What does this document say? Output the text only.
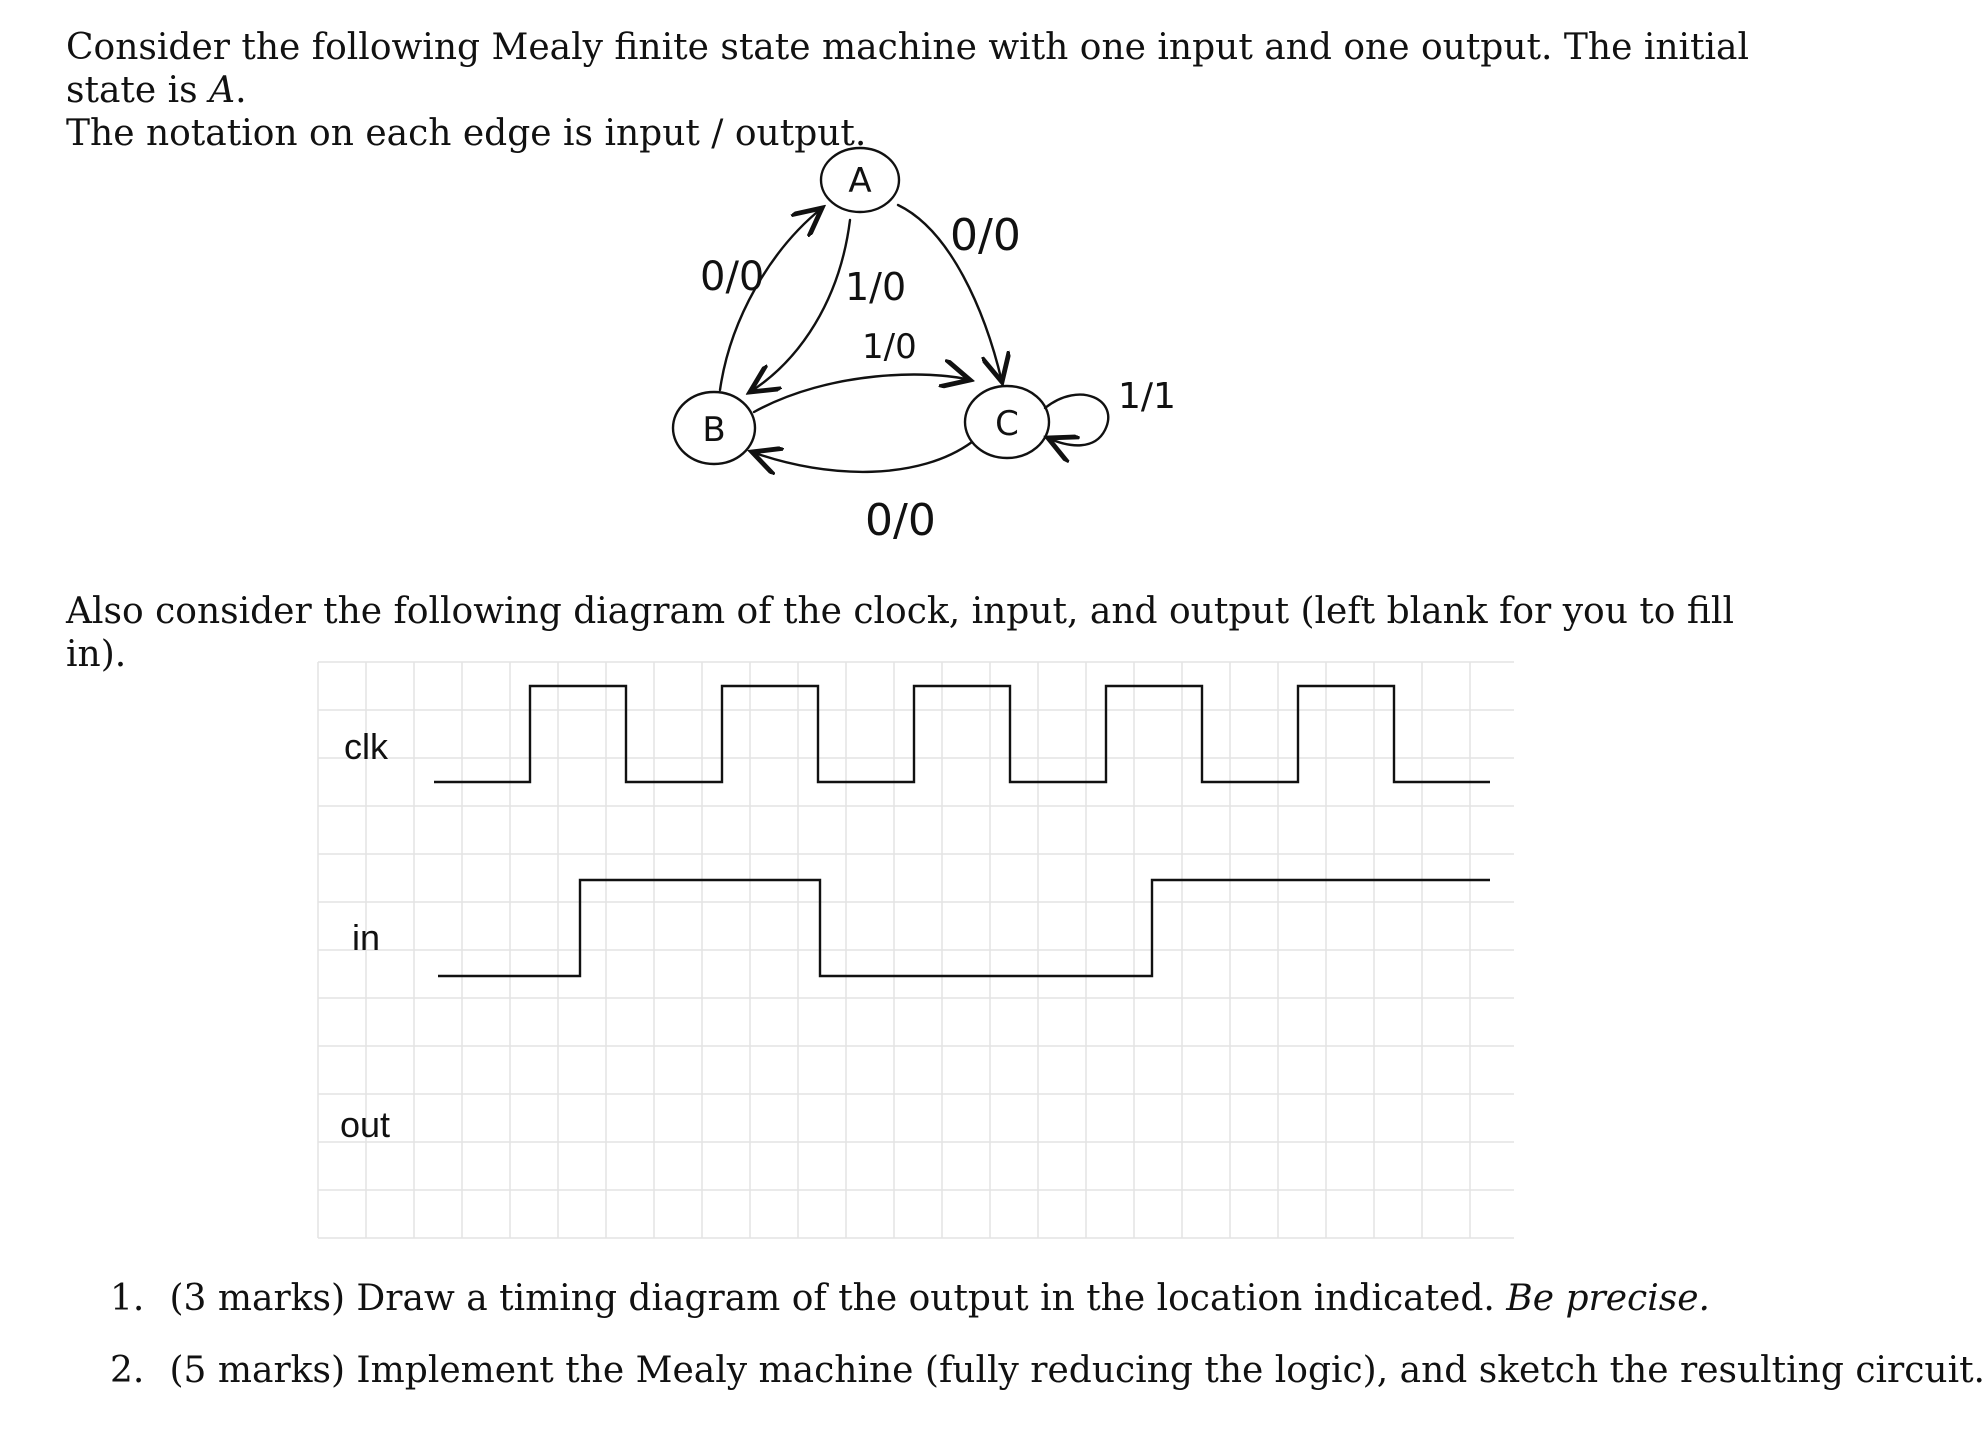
Consider the following Mealy finite state machine with one input and one output. The initial state is A.
The notation on each edge is input / output.

A
B	C
0/0 1/0
0/0
1/0
0/0
1/1

Also consider the following diagram of the clock, input, and output (left blank for you to fill in).

clk
in
out

1. (3 marks) Draw a timing diagram of the output in the location indicated. Be precise.

2. (5 marks) Implement the Mealy machine (fully reducing the logic), and sketch the resulting circuit.
